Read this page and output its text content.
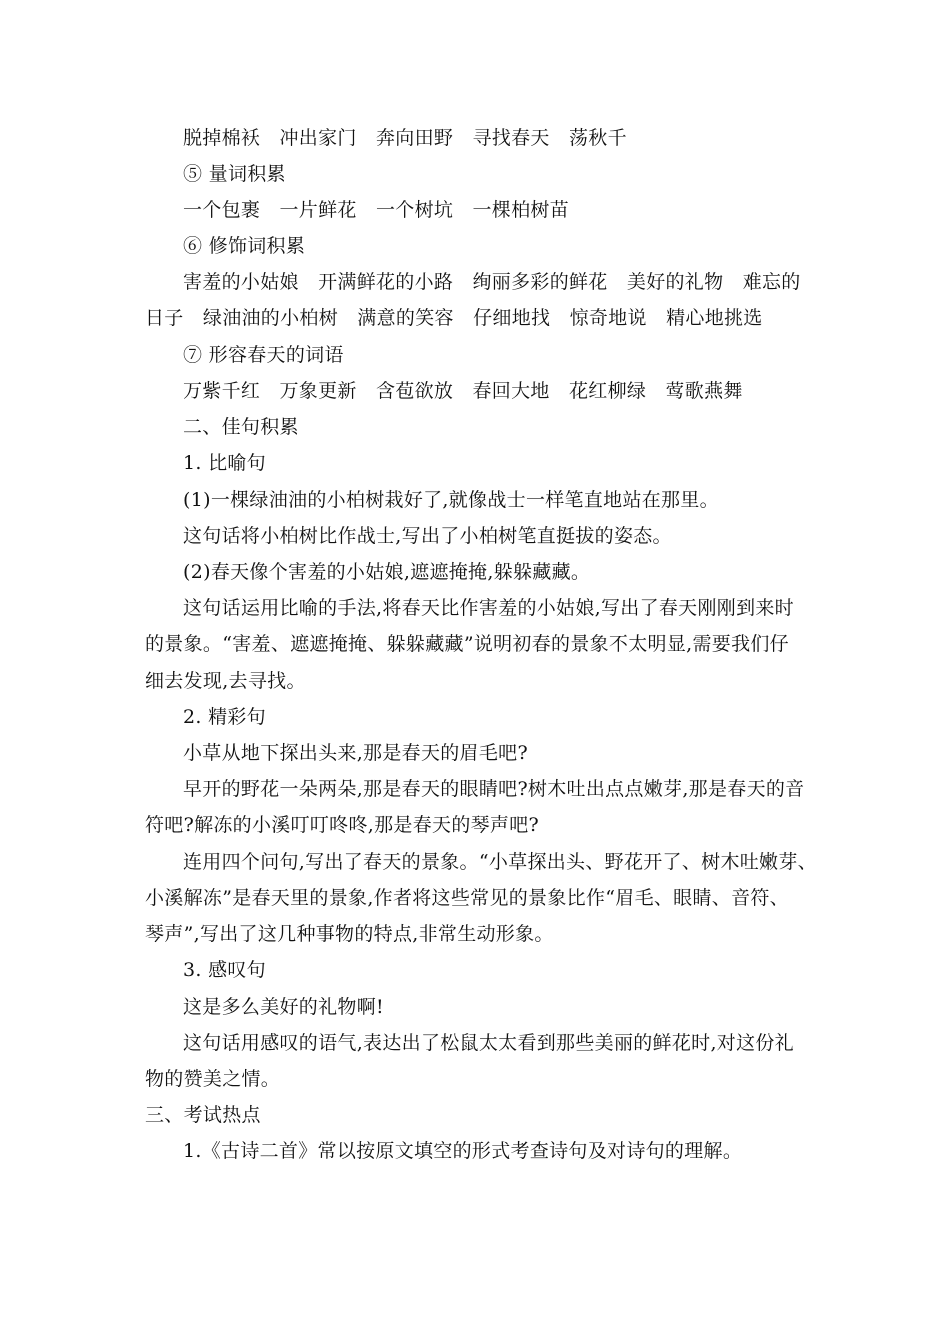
脱掉棉袄　冲出家门　奔向田野　寻找春天　荡秋千
⑤ 量词积累
一个包裹　一片鲜花　一个树坑　一棵柏树苗
⑥ 修饰词积累
害羞的小姑娘　开满鲜花的小路　绚丽多彩的鲜花　美好的礼物　难忘的
日子　绿油油的小柏树　满意的笑容　仔细地找　惊奇地说　精心地挑选
⑦ 形容春天的词语
万紫千红　万象更新　含苞欲放　春回大地　花红柳绿　莺歌燕舞
二、佳句积累
1. 比喻句
(1)一棵绿油油的小柏树栽好了,就像战士一样笔直地站在那里。
这句话将小柏树比作战士,写出了小柏树笔直挺拔的姿态。
(2)春天像个害羞的小姑娘,遮遮掩掩,躲躲藏藏。
这句话运用比喻的手法,将春天比作害羞的小姑娘,写出了春天刚刚到来时
的景象。“害羞、遮遮掩掩、躲躲藏藏”说明初春的景象不太明显,需要我们仔
细去发现,去寻找。
2. 精彩句
小草从地下探出头来,那是春天的眉毛吧?
早开的野花一朵两朵,那是春天的眼睛吧?树木吐出点点嫩芽,那是春天的音
符吧?解冻的小溪叮叮咚咚,那是春天的琴声吧?
连用四个问句,写出了春天的景象。“小草探出头、野花开了、树木吐嫩芽、
小溪解冻”是春天里的景象,作者将这些常见的景象比作“眉毛、眼睛、音符、
琴声”,写出了这几种事物的特点,非常生动形象。
3. 感叹句
这是多么美好的礼物啊!
这句话用感叹的语气,表达出了松鼠太太看到那些美丽的鲜花时,对这份礼
物的赞美之情。
三、考试热点
1.《古诗二首》常以按原文填空的形式考查诗句及对诗句的理解。
